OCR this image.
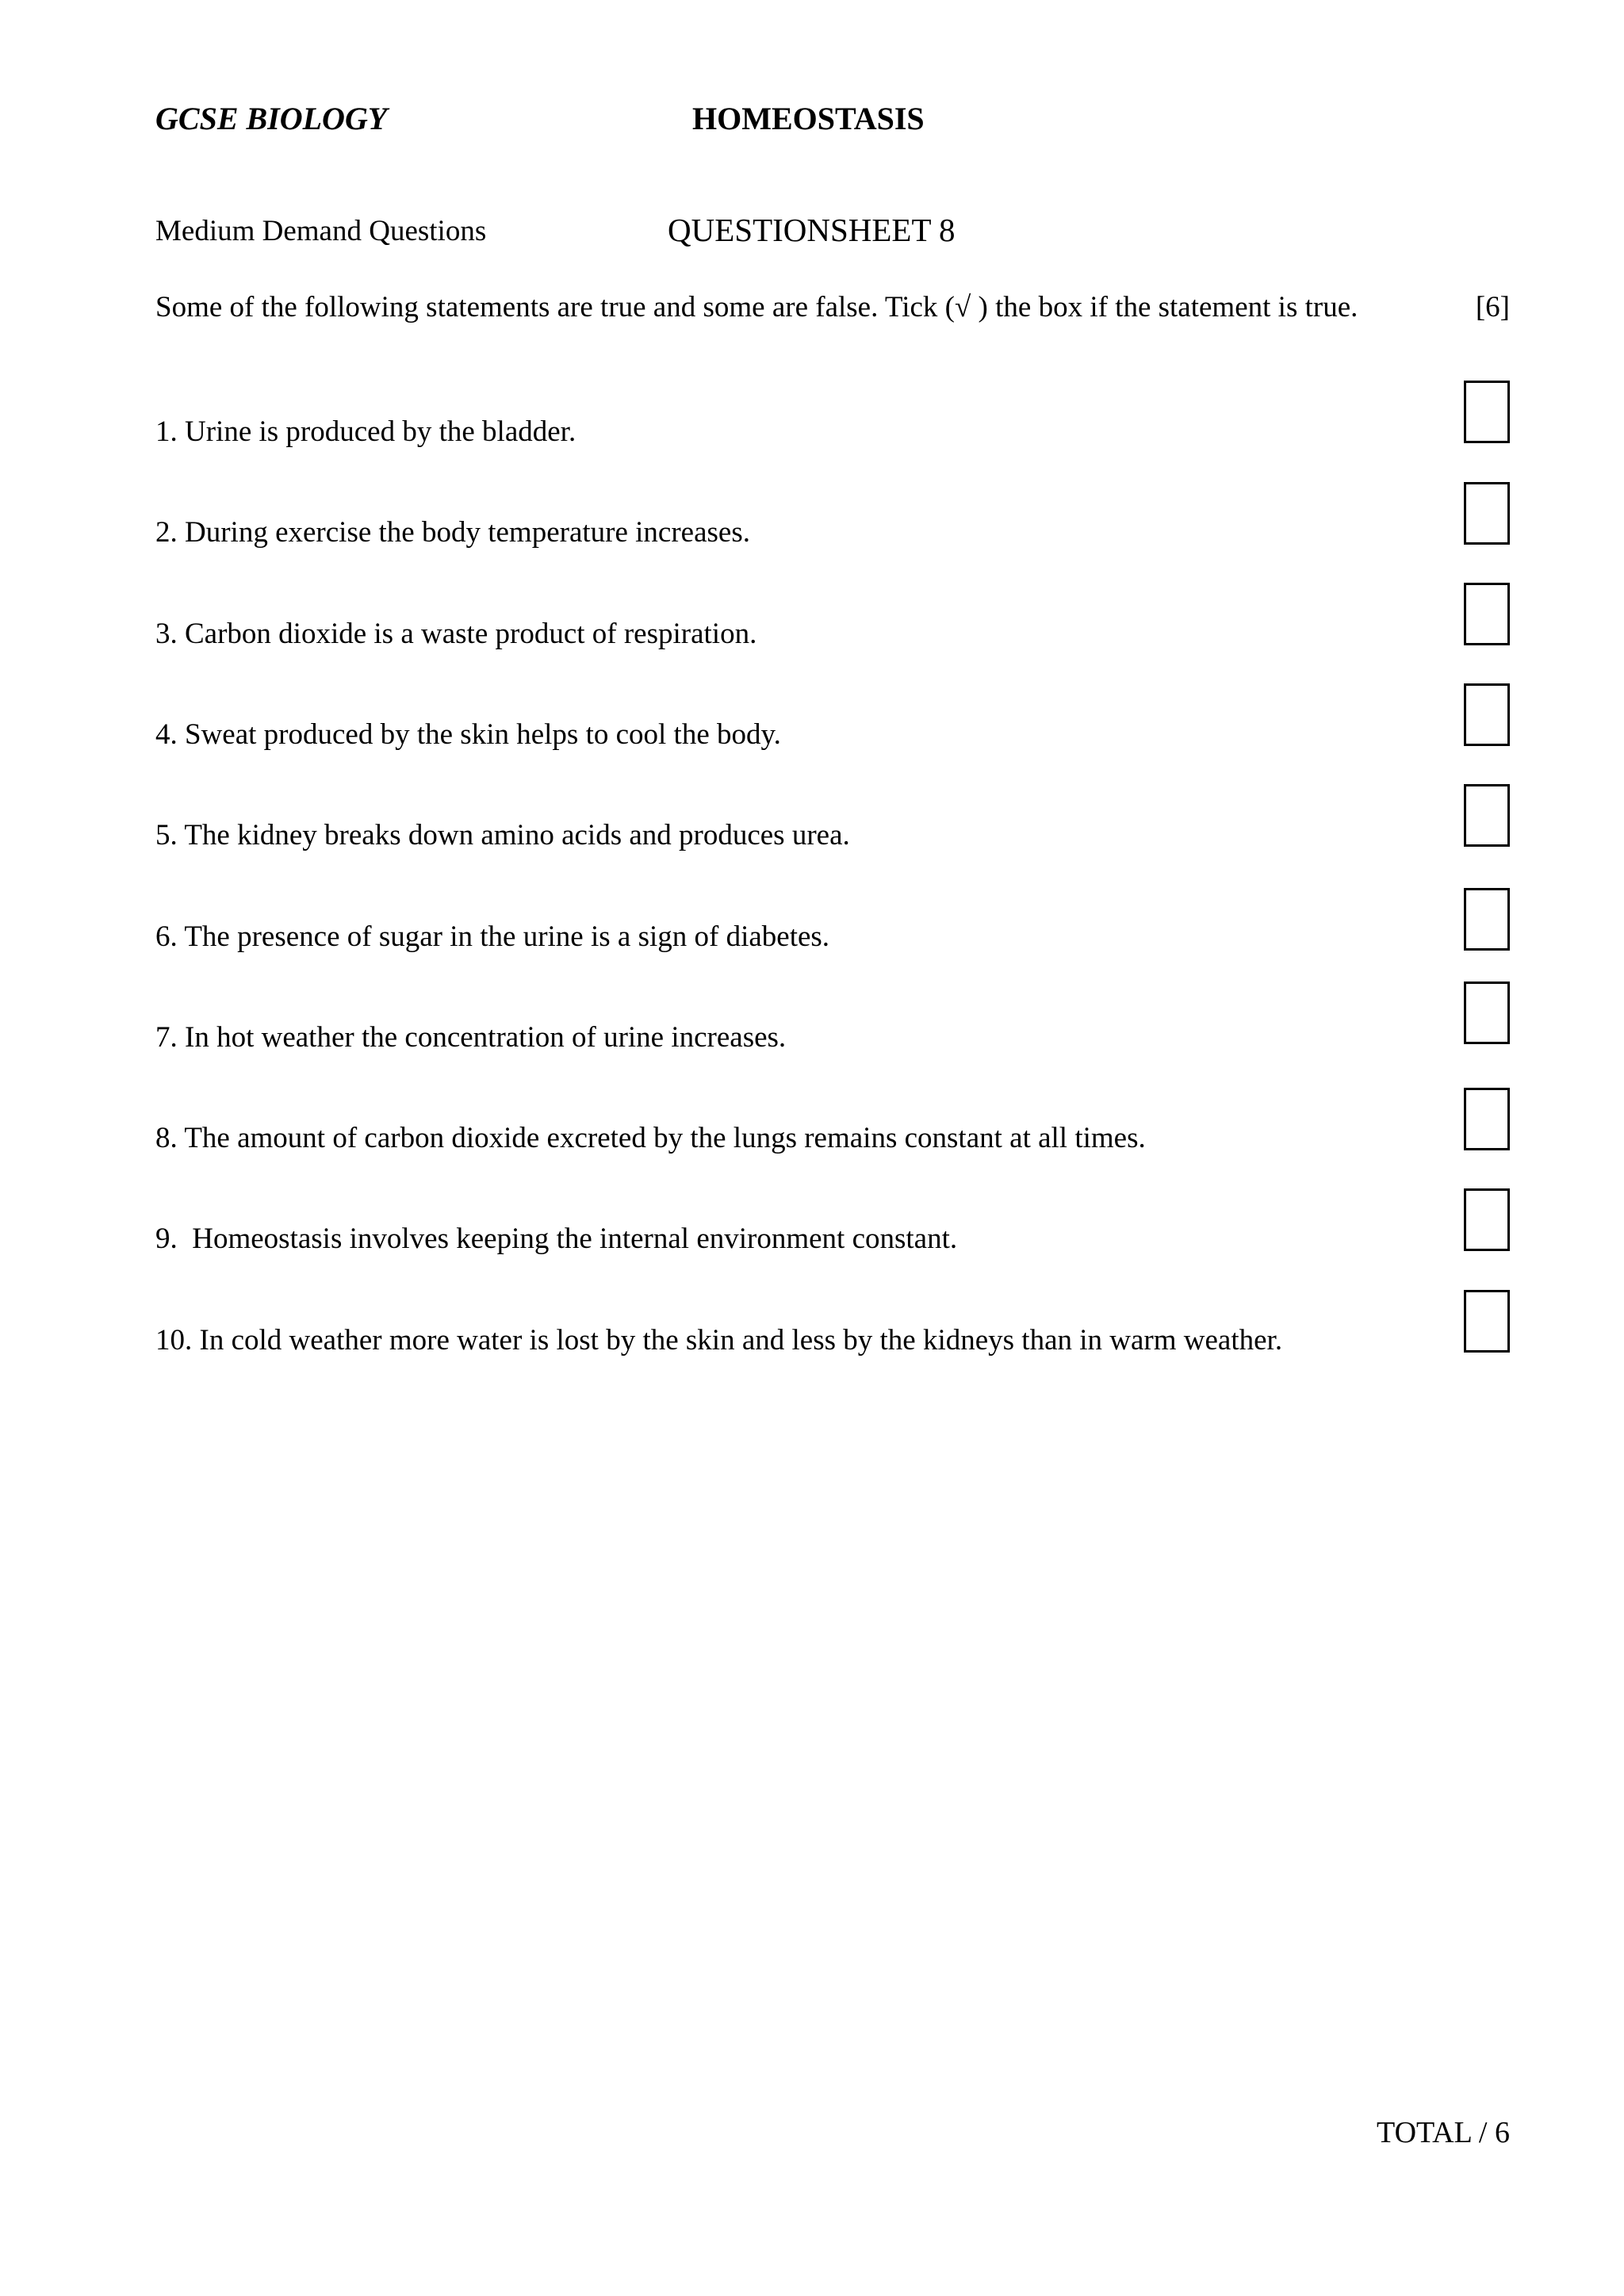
GCSE BIOLOGY	HOMEOSTASIS
Medium Demand Questions	QUESTIONSHEET 8
Some of the following statements are true and some are false. Tick (√ ) the box if the statement is true.	[6]
1. Urine is produced by the bladder.
2. During exercise the body temperature increases.
3. Carbon dioxide is a waste product of respiration.
4. Sweat produced by the skin helps to cool the body.
5. The kidney breaks down amino acids and produces urea.
6. The presence of sugar in the urine is a sign of diabetes.
7. In hot weather the concentration of urine increases.
8. The amount of carbon dioxide excreted by the lungs remains constant at all times.
9.  Homeostasis involves keeping the internal environment constant.
10. In cold weather more water is lost by the skin and less by the kidneys than in warm weather.
TOTAL / 6
